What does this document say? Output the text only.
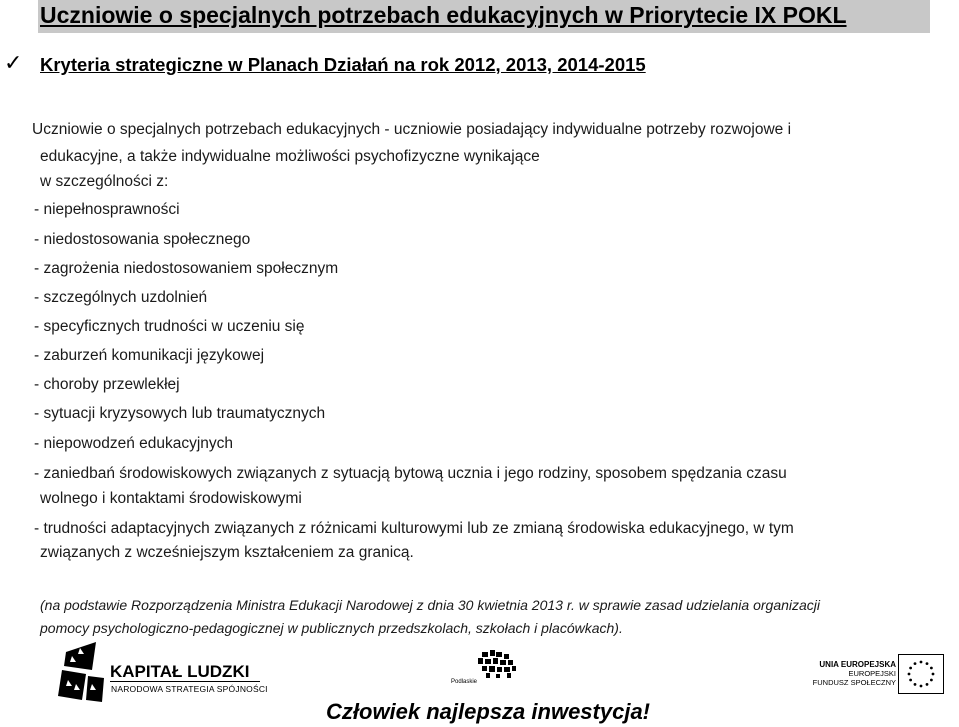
Uczniowie o specjalnych potrzebach edukacyjnych w Priorytecie IX POKL
✓ Kryteria strategiczne w Planach Działań na rok 2012, 2013, 2014-2015
Uczniowie o specjalnych potrzebach edukacyjnych - uczniowie posiadający indywidualne potrzeby rozwojowe i
edukacyjne, a także indywidualne możliwości psychofizyczne wynikające
w szczególności z:
- niepełnosprawności
- niedostosowania społecznego
- zagrożenia niedostosowaniem społecznym
- szczególnych uzdolnień
- specyficznych trudności w uczeniu się
- zaburzeń komunikacji językowej
- choroby przewlekłej
- sytuacji kryzysowych lub traumatycznych
- niepowodzeń edukacyjnych
- zaniedbań środowiskowych związanych z sytuacją bytową ucznia i jego rodziny, sposobem spędzania czasu
wolnego i kontaktami środowiskowymi
- trudności adaptacyjnych związanych z różnicami kulturowymi lub ze zmianą środowiska edukacyjnego, w tym
związanych z wcześniejszym kształceniem za granicą.
(na podstawie Rozporządzenia Ministra Edukacji Narodowej z dnia 30 kwietnia 2013 r. w sprawie zasad udzielania organizacji
pomocy psychologiczno-pedagogicznej w publicznych przedszkolach, szkołach i placówkach).
KAPITAŁ LUDZKI
NARODOWA STRATEGIA SPÓJNOŚCI
Podlaskie
UNIA EUROPEJSKA
EUROPEJSKI
FUNDUSZ SPOŁECZNY
Człowiek najlepsza inwestycja!
